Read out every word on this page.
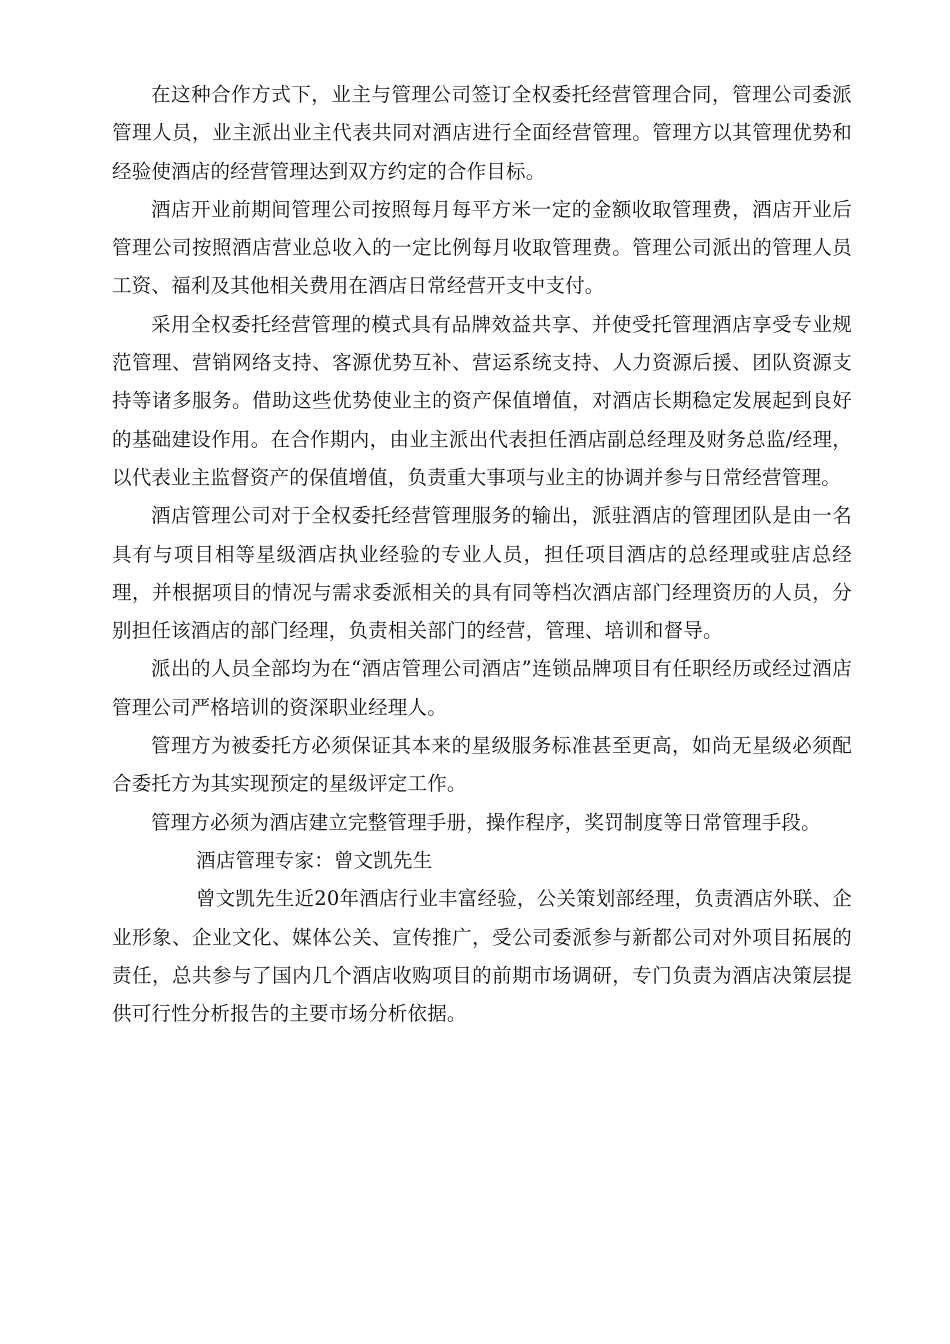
在这种合作方式下，业主与管理公司签订全权委托经营管理合同，管理公司委派管理人员，业主派出业主代表共同对酒店进行全面经营管理。管理方以其管理优势和经验使酒店的经营管理达到双方约定的合作目标。

酒店开业前期间管理公司按照每月每平方米一定的金额收取管理费，酒店开业后管理公司按照酒店营业总收入的一定比例每月收取管理费。管理公司派出的管理人员工资、福利及其他相关费用在酒店日常经营开支中支付。

采用全权委托经营管理的模式具有品牌效益共享、并使受托管理酒店享受专业规范管理、营销网络支持、客源优势互补、营运系统支持、人力资源后援、团队资源支持等诸多服务。借助这些优势使业主的资产保值增值，对酒店长期稳定发展起到良好的基础建设作用。在合作期内，由业主派出代表担任酒店副总经理及财务总监/经理，以代表业主监督资产的保值增值，负责重大事项与业主的协调并参与日常经营管理。

酒店管理公司对于全权委托经营管理服务的输出，派驻酒店的管理团队是由一名具有与项目相等星级酒店执业经验的专业人员，担任项目酒店的总经理或驻店总经理，并根据项目的情况与需求委派相关的具有同等档次酒店部门经理资历的人员，分别担任该酒店的部门经理，负责相关部门的经营，管理、培训和督导。

派出的人员全部均为在“酒店管理公司酒店”连锁品牌项目有任职经历或经过酒店管理公司严格培训的资深职业经理人。

管理方为被委托方必须保证其本来的星级服务标准甚至更高，如尚无星级必须配合委托方为其实现预定的星级评定工作。

管理方必须为酒店建立完整管理手册，操作程序，奖罚制度等日常管理手段。

酒店管理专家：曾文凯先生

曾文凯先生近20年酒店行业丰富经验，公关策划部经理，负责酒店外联、企业形象、企业文化、媒体公关、宣传推广，受公司委派参与新都公司对外项目拓展的责任，总共参与了国内几个酒店收购项目的前期市场调研，专门负责为酒店决策层提供可行性分析报告的主要市场分析依据。
